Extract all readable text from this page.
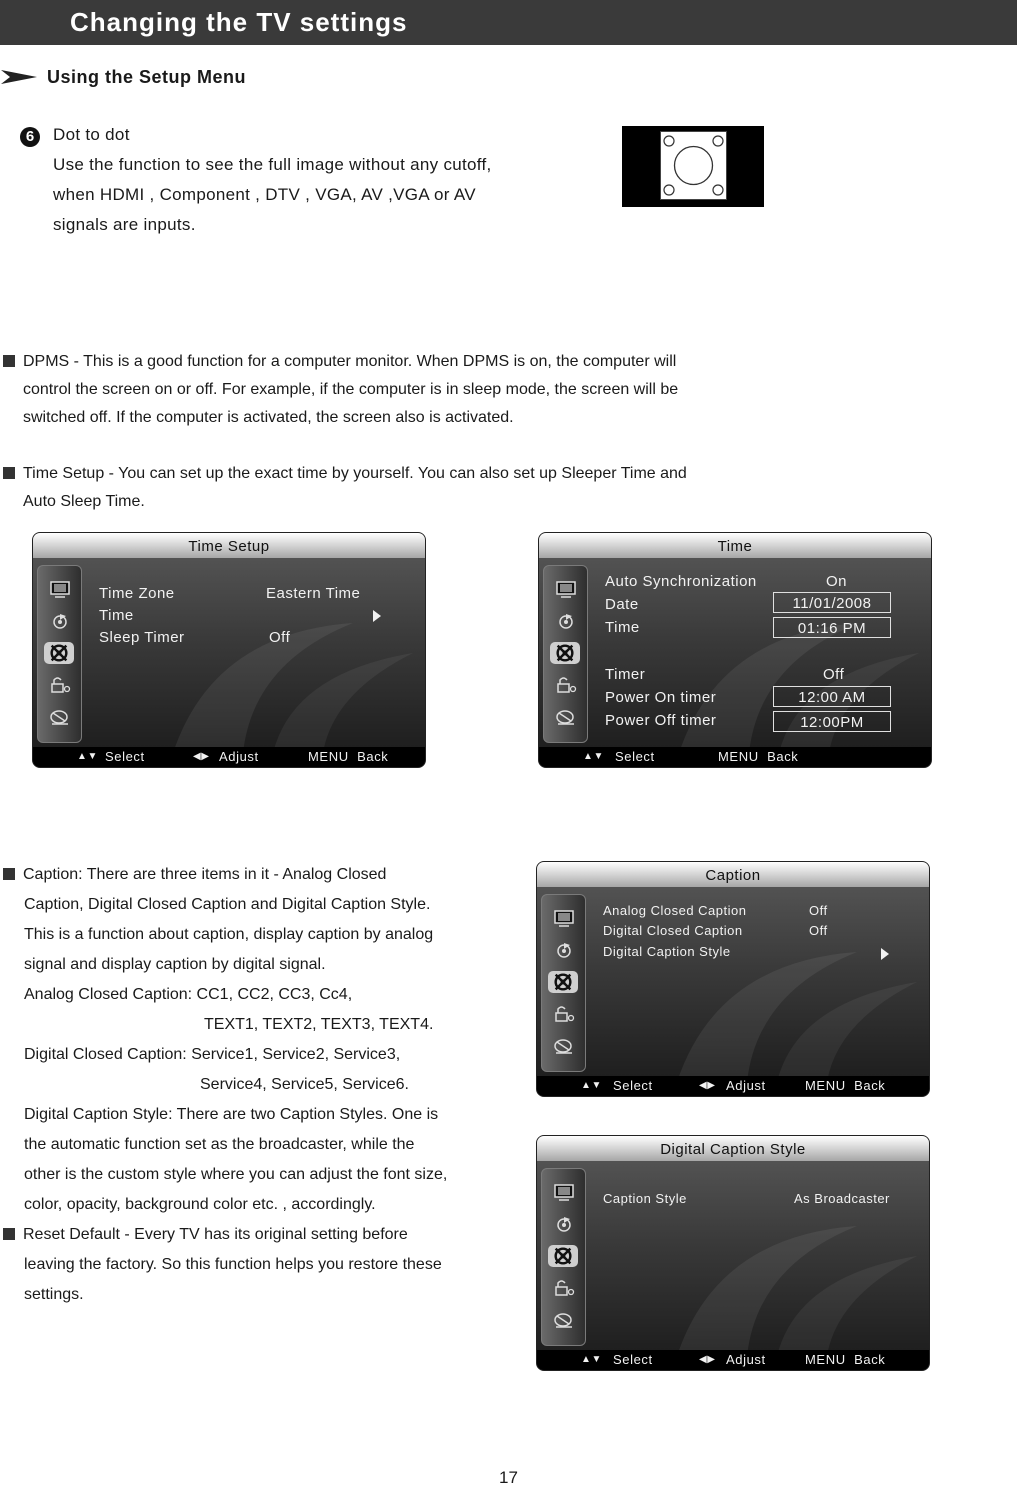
Changing the TV settings
Using the Setup Menu
6	Dot to dot
Use the function to see the full image without any cutoff,
when HDMI , Component , DTV , VGA, AV ,VGA or AV
signals are inputs.
DPMS - This is a good function for a computer monitor. When DPMS is on, the computer will
control the screen on or off. For example, if the computer is in sleep mode, the screen will be
switched off. If the computer is activated, the screen also is activated.
Time Setup - You can set up the exact time by yourself. You can also set up Sleeper Time and
Auto Sleep Time.
Time Setup
Time Zone	Eastern Time
Time
Sleep Timer	Off
▲▼ Select	◀▶ Adjust	MENU  Back
Time
Auto Synchronization	On
Date	11/01/2008
Time	01:16 PM
Timer	Off
Power On timer	12:00 AM
Power Off timer	12:00PM
▲▼ Select	MENU  Back
Caption: There are three items in it - Analog Closed
Caption, Digital Closed Caption and Digital Caption Style.
This is a function about caption, display caption by analog
signal and display caption by digital signal.
Analog Closed Caption: CC1, CC2, CC3, Cc4,
TEXT1, TEXT2, TEXT3, TEXT4.
Digital Closed Caption: Service1, Service2, Service3,
Service4, Service5, Service6.
Digital Caption Style: There are two Caption Styles. One is
the automatic function set as the broadcaster, while the
other is the custom style where you can adjust the font size,
color, opacity, background color etc. , accordingly.
Reset Default - Every TV has its original setting before
leaving the factory. So this function helps you restore these
settings.
Caption
Analog Closed Caption	Off
Digital Closed Caption	Off
Digital Caption Style
▲▼ Select	◀▶ Adjust	MENU  Back
Digital Caption Style
Caption Style	As Broadcaster
▲▼ Select	◀▶ Adjust	MENU  Back
17
